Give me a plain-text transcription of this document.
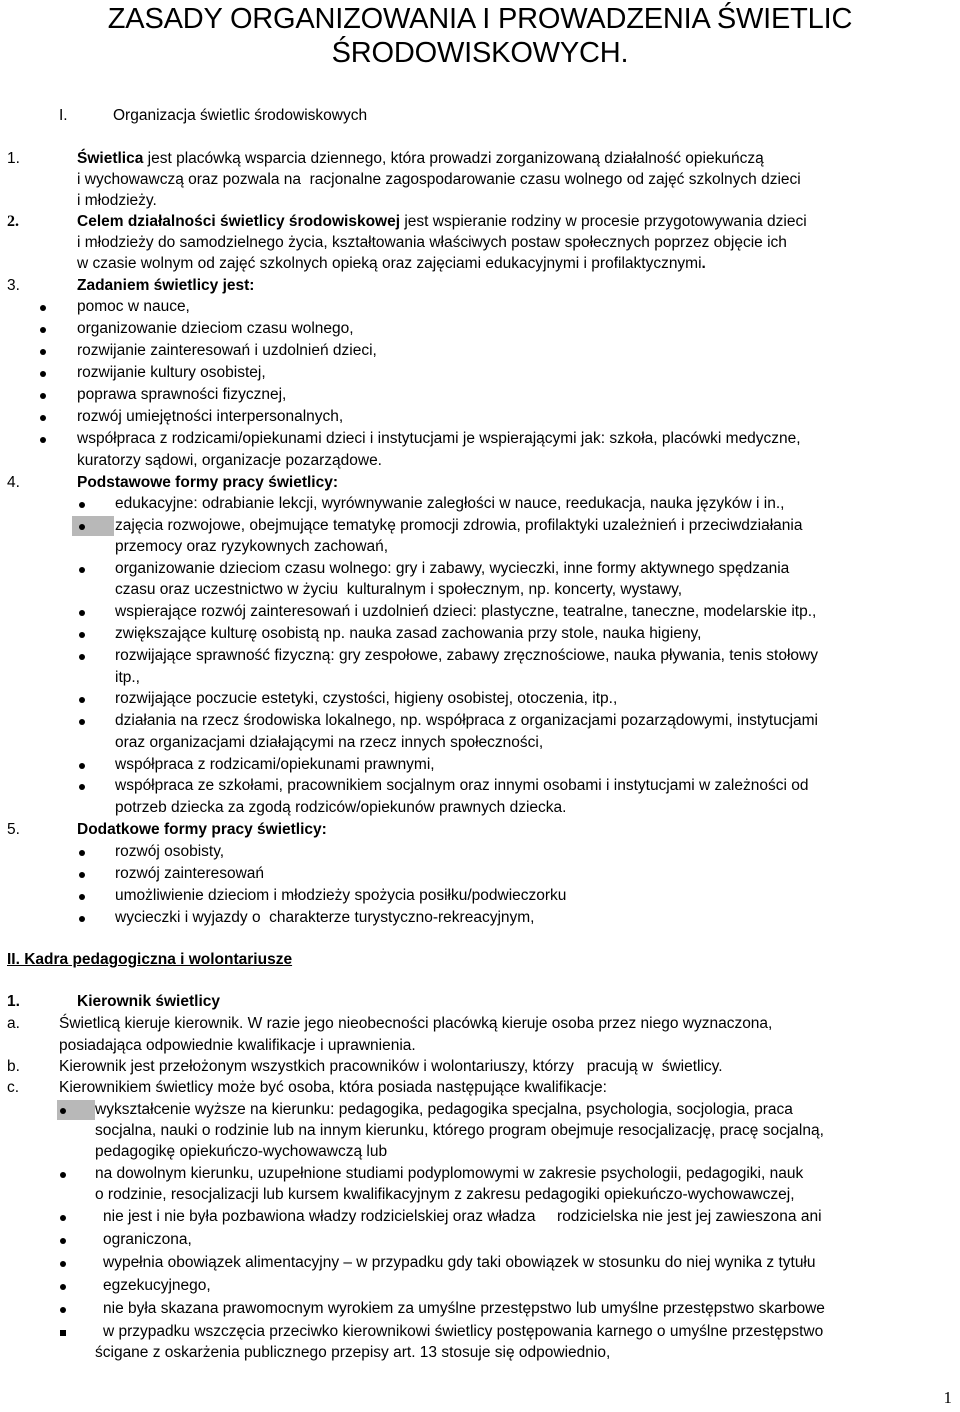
ZASADY ORGANIZOWANIA I PROWADZENIA ŚWIETLIC
ŚRODOWISKOWYCH.
I.	Organizacja świetlic środowiskowych
1.	Świetlica jest placówką wsparcia dziennego, która prowadzi zorganizowaną działalność opiekuńczą
i wychowawczą oraz pozwala na  racjonalne zagospodarowanie czasu wolnego od zajęć szkolnych dzieci
i młodzieży.
2.	Celem działalności świetlicy środowiskowej jest wspieranie rodziny w procesie przygotowywania dzieci
i młodzieży do samodzielnego życia, kształtowania właściwych postaw społecznych poprzez objęcie ich
w czasie wolnym od zajęć szkolnych opieką oraz zajęciami edukacyjnymi i profilaktycznymi.
3.	Zadaniem świetlicy jest:
pomoc w nauce,
organizowanie dzieciom czasu wolnego,
rozwijanie zainteresowań i uzdolnień dzieci,
rozwijanie kultury osobistej,
poprawa sprawności fizycznej,
rozwój umiejętności interpersonalnych,
współpraca z rodzicami/opiekunami dzieci i instytucjami je wspierającymi jak: szkoła, placówki medyczne,
kuratorzy sądowi, organizacje pozarządowe.
4.	Podstawowe formy pracy świetlicy:
edukacyjne: odrabianie lekcji, wyrównywanie zaległości w nauce, reedukacja, nauka języków i in.,
zajęcia rozwojowe, obejmujące tematykę promocji zdrowia, profilaktyki uzależnień i przeciwdziałania
przemocy oraz ryzykownych zachowań,
organizowanie dzieciom czasu wolnego: gry i zabawy, wycieczki, inne formy aktywnego spędzania
czasu oraz uczestnictwo w życiu  kulturalnym i społecznym, np. koncerty, wystawy,
wspierające rozwój zainteresowań i uzdolnień dzieci: plastyczne, teatralne, taneczne, modelarskie itp.,
zwiększające kulturę osobistą np. nauka zasad zachowania przy stole, nauka higieny,
rozwijające sprawność fizyczną: gry zespołowe, zabawy zręcznościowe, nauka pływania, tenis stołowy
itp.,
rozwijające poczucie estetyki, czystości, higieny osobistej, otoczenia, itp.,
działania na rzecz środowiska lokalnego, np. współpraca z organizacjami pozarządowymi, instytucjami
oraz organizacjami działającymi na rzecz innych społeczności,
współpraca z rodzicami/opiekunami prawnymi,
współpraca ze szkołami, pracownikiem socjalnym oraz innymi osobami i instytucjami w zależności od
potrzeb dziecka za zgodą rodziców/opiekunów prawnych dziecka.
5.	Dodatkowe formy pracy świetlicy:
rozwój osobisty,
rozwój zainteresowań
umożliwienie dzieciom i młodzieży spożycia posiłku/podwieczorku
wycieczki i wyjazdy o  charakterze turystyczno-rekreacyjnym,
II. Kadra pedagogiczna i wolontariusze
1.	Kierownik świetlicy
a.	Świetlicą kieruje kierownik. W razie jego nieobecności placówką kieruje osoba przez niego wyznaczona,
posiadająca odpowiednie kwalifikacje i uprawnienia.
b.	Kierownik jest przełożonym wszystkich pracowników i wolontariuszy, którzy   pracują w  świetlicy.
c.	Kierownikiem świetlicy może być osoba, która posiada następujące kwalifikacje:
wykształcenie wyższe na kierunku: pedagogika, pedagogika specjalna, psychologia, socjologia, praca
socjalna, nauki o rodzinie lub na innym kierunku, którego program obejmuje resocjalizację, pracę socjalną,
pedagogikę opiekuńczo-wychowawczą lub
na dowolnym kierunku, uzupełnione studiami podyplomowymi w zakresie psychologii, pedagogiki, nauk
o rodzinie, resocjalizacji lub kursem kwalifikacyjnym z zakresu pedagogiki opiekuńczo-wychowawczej,
nie jest i nie była pozbawiona władzy rodzicielskiej oraz władza     rodzicielska nie jest jej zawieszona ani
ograniczona,
wypełnia obowiązek alimentacyjny – w przypadku gdy taki obowiązek w stosunku do niej wynika z tytułu
egzekucyjnego,
nie była skazana prawomocnym wyrokiem za umyślne przestępstwo lub umyślne przestępstwo skarbowe
w przypadku wszczęcia przeciwko kierownikowi świetlicy postępowania karnego o umyślne przestępstwo
ścigane z oskarżenia publicznego przepisy art. 13 stosuje się odpowiednio,
1
